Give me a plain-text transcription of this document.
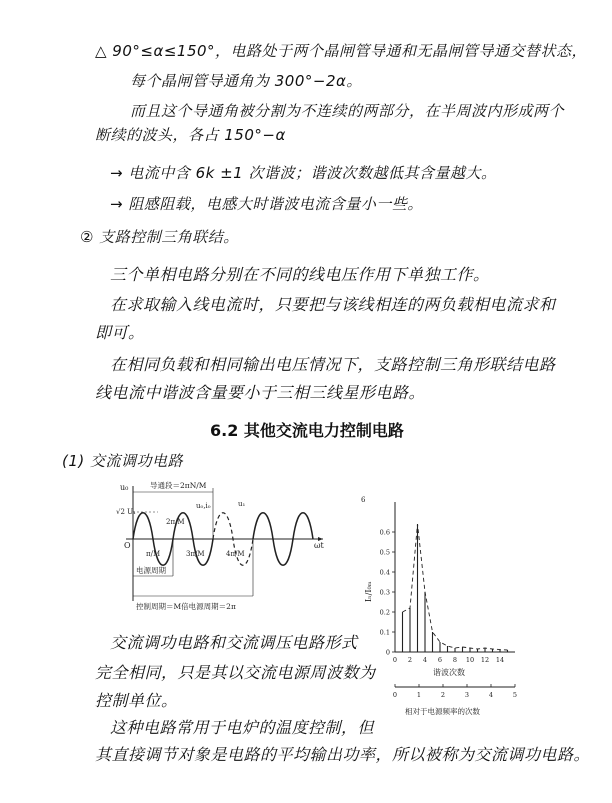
△ 90°≤α≤150°，电路处于两个晶闸管导通和无晶闸管导通交替状态，
每个晶闸管导通角为 300°−2α。
而且这个导通角被分割为不连续的两部分，在半周波内形成两个
断续的波头，各占 150°−α
→ 电流中含 6k ±1 次谐波；谐波次数越低其含量越大。
→ 阻感阻载，电感大时谐波电流含量小一些。
② 支路控制三角联结。
三个单相电路分别在不同的线电压作用下单独工作。
在求取输入线电流时，只要把与该线相连的两负载相电流求和
即可。
在相同负载和相同输出电压情况下，支路控制三角形联结电路
线电流中谐波含量要小于三相三线星形电路。
6.2 其他交流电力控制电路
(1) 交流调功电路
u₀
√2 U₁
O	ωt
导通段＝2πN/M
2π/M
u₀,i₀	u₁
π/M	3π/M	4π/M
电源周期
控制周期＝M倍电源周期＝2π
交流调功电路和交流调压电路形式
完全相同，只是其以交流电源周波数为
控制单位。
这种电路常用于电炉的温度控制，但
其直接调节对象是电路的平均输出功率，所以被称为交流调功电路。
6
Iₙ/I₀ₘ
0.6
0.5
0.4
0.3
0.2
0.1
0
0 2 4 6 8 10 12 14
谐波次数
0	1	2	3	4	5
相对于电源频率的次数
